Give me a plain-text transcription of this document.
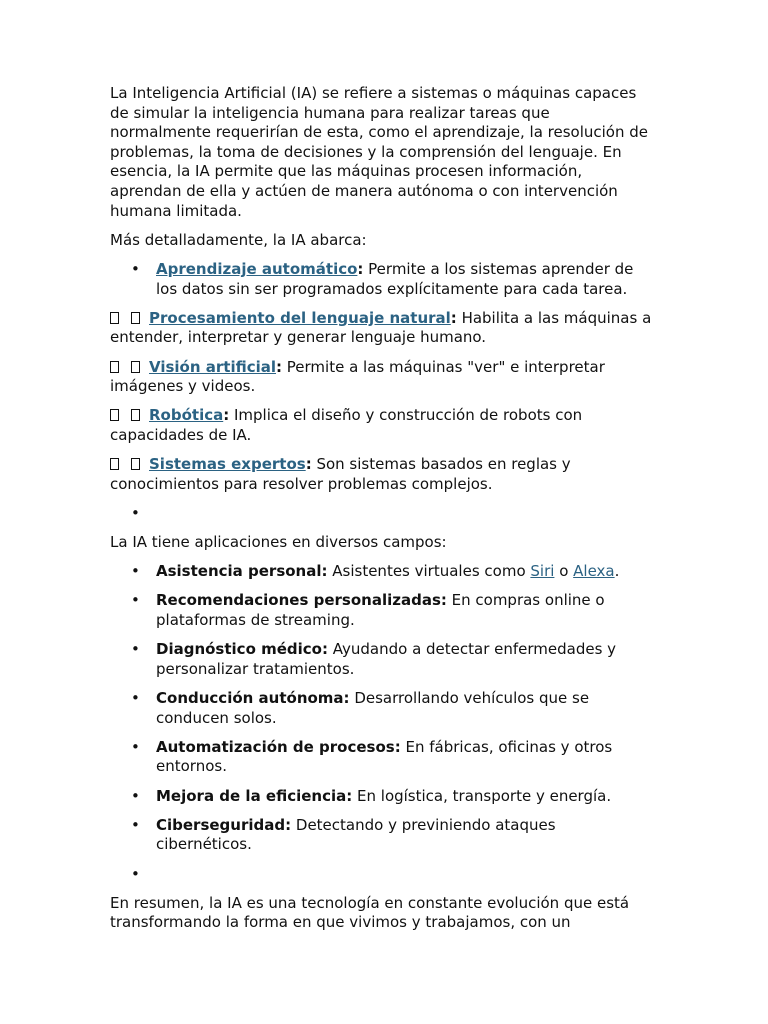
La Inteligencia Artificial (IA) se refiere a sistemas o máquinas capaces de simular la inteligencia humana para realizar tareas que normalmente requerirían de esta, como el aprendizaje, la resolución de problemas, la toma de decisiones y la comprensión del lenguaje. En esencia, la IA permite que las máquinas procesen información, aprendan de ella y actúen de manera autónoma o con intervención humana limitada.

Más detalladamente, la IA abarca:

• Aprendizaje automático: Permite a los sistemas aprender de los datos sin ser programados explícitamente para cada tarea.

Procesamiento del lenguaje natural: Habilita a las máquinas a entender, interpretar y generar lenguaje humano.

Visión artificial: Permite a las máquinas "ver" e interpretar imágenes y videos.

Robótica: Implica el diseño y construcción de robots con capacidades de IA.

Sistemas expertos: Son sistemas basados en reglas y conocimientos para resolver problemas complejos.

•

La IA tiene aplicaciones en diversos campos:

• Asistencia personal: Asistentes virtuales como Siri o Alexa.
• Recomendaciones personalizadas: En compras online o plataformas de streaming.
• Diagnóstico médico: Ayudando a detectar enfermedades y personalizar tratamientos.
• Conducción autónoma: Desarrollando vehículos que se conducen solos.
• Automatización de procesos: En fábricas, oficinas y otros entornos.
• Mejora de la eficiencia: En logística, transporte y energía.
• Ciberseguridad: Detectando y previniendo ataques cibernéticos.
•

En resumen, la IA es una tecnología en constante evolución que está transformando la forma en que vivimos y trabajamos, con un
